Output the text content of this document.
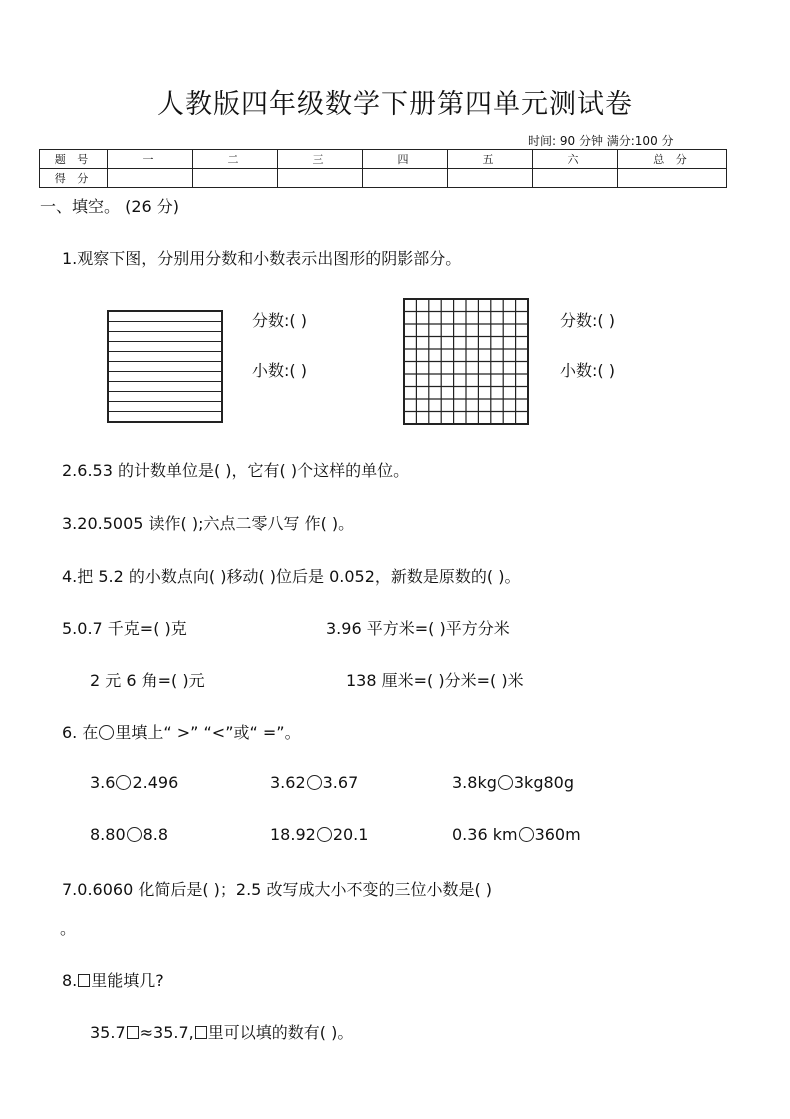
人教版四年级数学下册第四单元测试卷
时间: 90 分钟 满分:100 分
题 号	一	二	三	四	五	六	总 分
得 分							
一、填空。 (26 分)
1.观察下图，分别用分数和小数表示出图形的阴影部分。
分数:( )
小数:( )
分数:( )
小数:( )
2.6.53 的计数单位是( )，它有( )个这样的单位。
3.20.5005 读作( );六点二零八写 作( )。
4.把 5.2 的小数点向( )移动( )位后是 0.052，新数是原数的( )。
5.0.7 千克=( )克	3.96 平方米=( )平方分米
2 元 6 角=( )元	138 厘米=( )分米=( )米
6. 在 里填上“ >” “<”或“ =”。
3.6 2.496	3.62 3.67	3.8kg 3kg80g
8.80 8.8	18.92 20.1	0.36 km 360m
7.0.6060 化简后是( )；2.5 改写成大小不变的三位小数是( )
。
8. 里能填几?
35.7 ≈35.7, 里可以填的数有( )。
